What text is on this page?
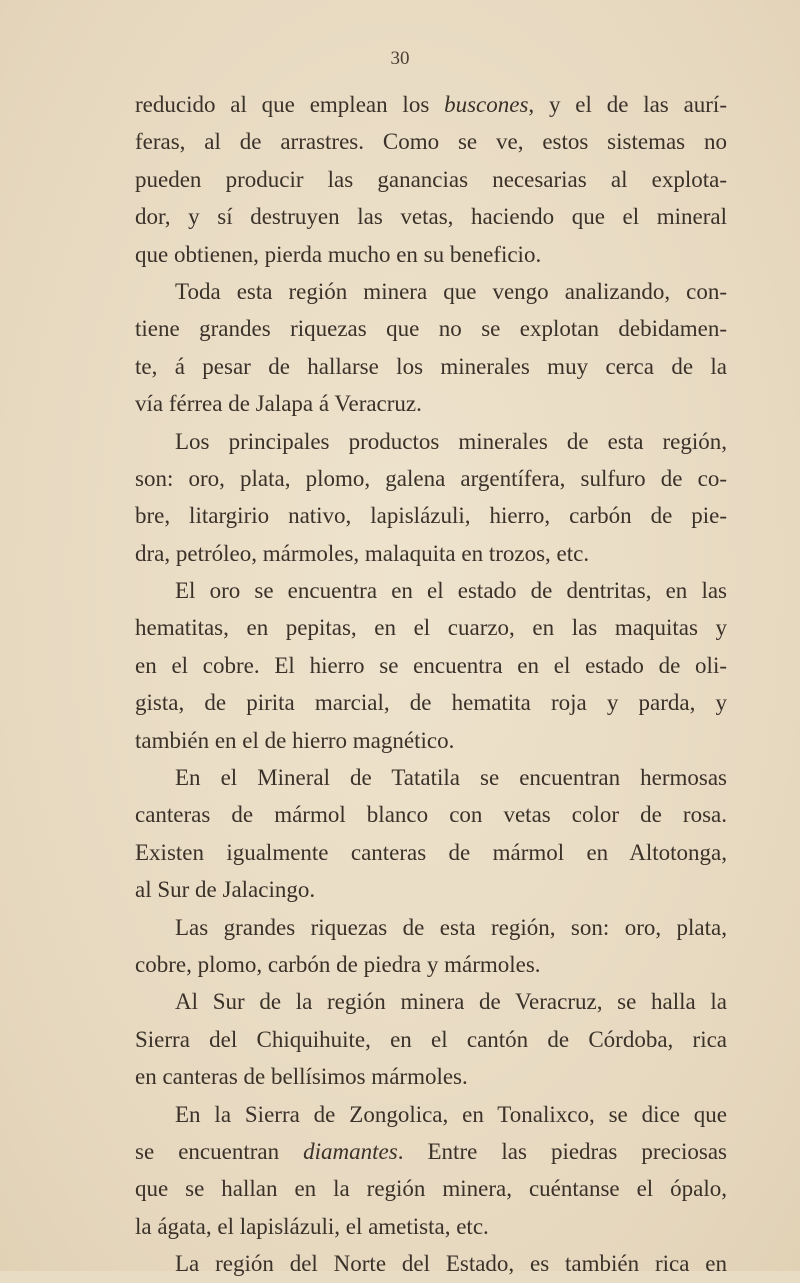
30
reducido al que emplean los buscones, y el de las aurí-
feras, al de arrastres. Como se ve, estos sistemas no
pueden producir las ganancias necesarias al explota-
dor, y sí destruyen las vetas, haciendo que el mineral
que obtienen, pierda mucho en su beneficio.
Toda esta región minera que vengo analizando, con-
tiene grandes riquezas que no se explotan debidamen-
te, á pesar de hallarse los minerales muy cerca de la
vía férrea de Jalapa á Veracruz.
Los principales productos minerales de esta región,
son: oro, plata, plomo, galena argentífera, sulfuro de co-
bre, litargirio nativo, lapislázuli, hierro, carbón de pie-
dra, petróleo, mármoles, malaquita en trozos, etc.
El oro se encuentra en el estado de dentritas, en las
hematitas, en pepitas, en el cuarzo, en las maquitas y
en el cobre. El hierro se encuentra en el estado de oli-
gista, de pirita marcial, de hematita roja y parda, y
también en el de hierro magnético.
En el Mineral de Tatatila se encuentran hermosas
canteras de mármol blanco con vetas color de rosa.
Existen igualmente canteras de mármol en Altotonga,
al Sur de Jalacingo.
Las grandes riquezas de esta región, son: oro, plata,
cobre, plomo, carbón de piedra y mármoles.
Al Sur de la región minera de Veracruz, se halla la
Sierra del Chiquihuite, en el cantón de Córdoba, rica
en canteras de bellísimos mármoles.
En la Sierra de Zongolica, en Tonalixco, se dice que
se encuentran diamantes. Entre las piedras preciosas
que se hallan en la región minera, cuéntanse el ópalo,
la ágata, el lapislázuli, el ametista, etc.
La región del Norte del Estado, es también rica en
